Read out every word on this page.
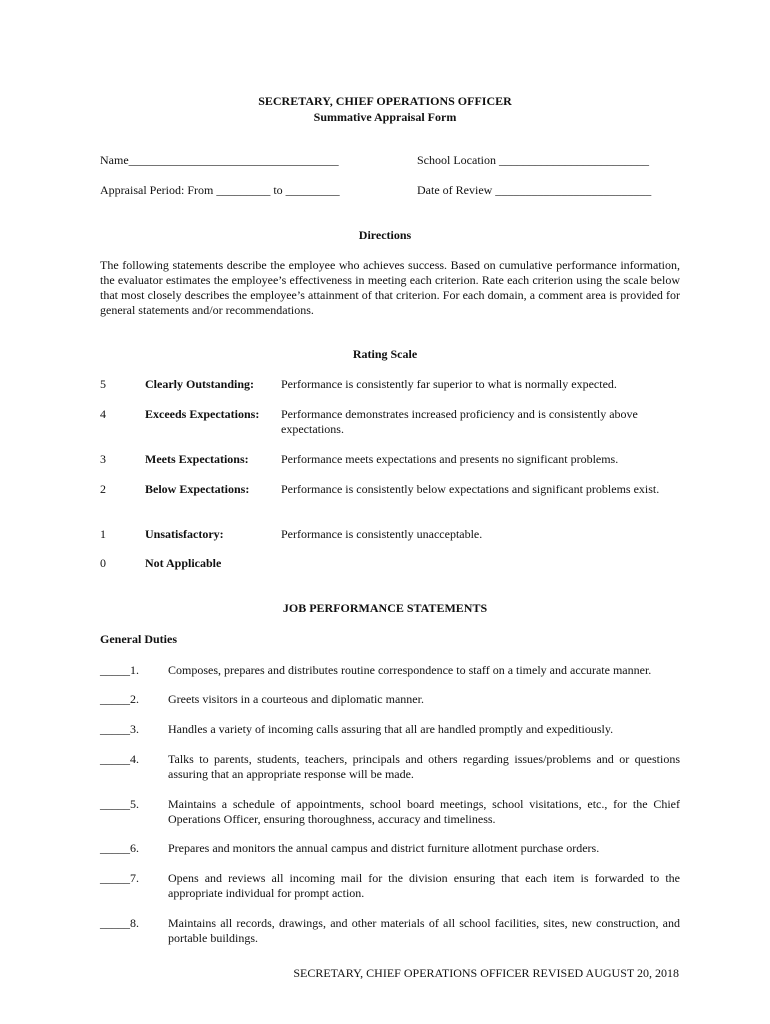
SECRETARY, CHIEF OPERATIONS OFFICER
Summative Appraisal Form
Name___________________________________	School Location _________________________
Appraisal Period: From _________ to _________	Date of Review __________________________
Directions
The following statements describe the employee who achieves success. Based on cumulative performance information, the evaluator estimates the employee’s effectiveness in meeting each criterion. Rate each criterion using the scale below that most closely describes the employee’s attainment of that criterion. For each domain, a comment area is provided for general statements and/or recommendations.
Rating Scale
5	Clearly Outstanding: Performance is consistently far superior to what is normally expected.
4	Exceeds Expectations: Performance demonstrates increased proficiency and is consistently above expectations.
3	Meets Expectations:	Performance meets expectations and presents no significant problems.
2	Below Expectations:	Performance is consistently below expectations and significant problems exist.
1	Unsatisfactory:	Performance is consistently unacceptable.
0	Not Applicable
JOB PERFORMANCE STATEMENTS
General Duties
_____1. Composes, prepares and distributes routine correspondence to staff on a timely and accurate manner.
_____2. Greets visitors in a courteous and diplomatic manner.
_____3. Handles a variety of incoming calls assuring that all are handled promptly and expeditiously.
_____4. Talks to parents, students, teachers, principals and others regarding issues/problems and or questions assuring that an appropriate response will be made.
_____5. Maintains a schedule of appointments, school board meetings, school visitations, etc., for the Chief Operations Officer, ensuring thoroughness, accuracy and timeliness.
_____6. Prepares and monitors the annual campus and district furniture allotment purchase orders.
_____7. Opens and reviews all incoming mail for the division ensuring that each item is forwarded to the appropriate individual for prompt action.
_____8. Maintains all records, drawings, and other materials of all school facilities, sites, new construction, and portable buildings.
SECRETARY, CHIEF OPERATIONS OFFICER REVISED AUGUST 20, 2018
